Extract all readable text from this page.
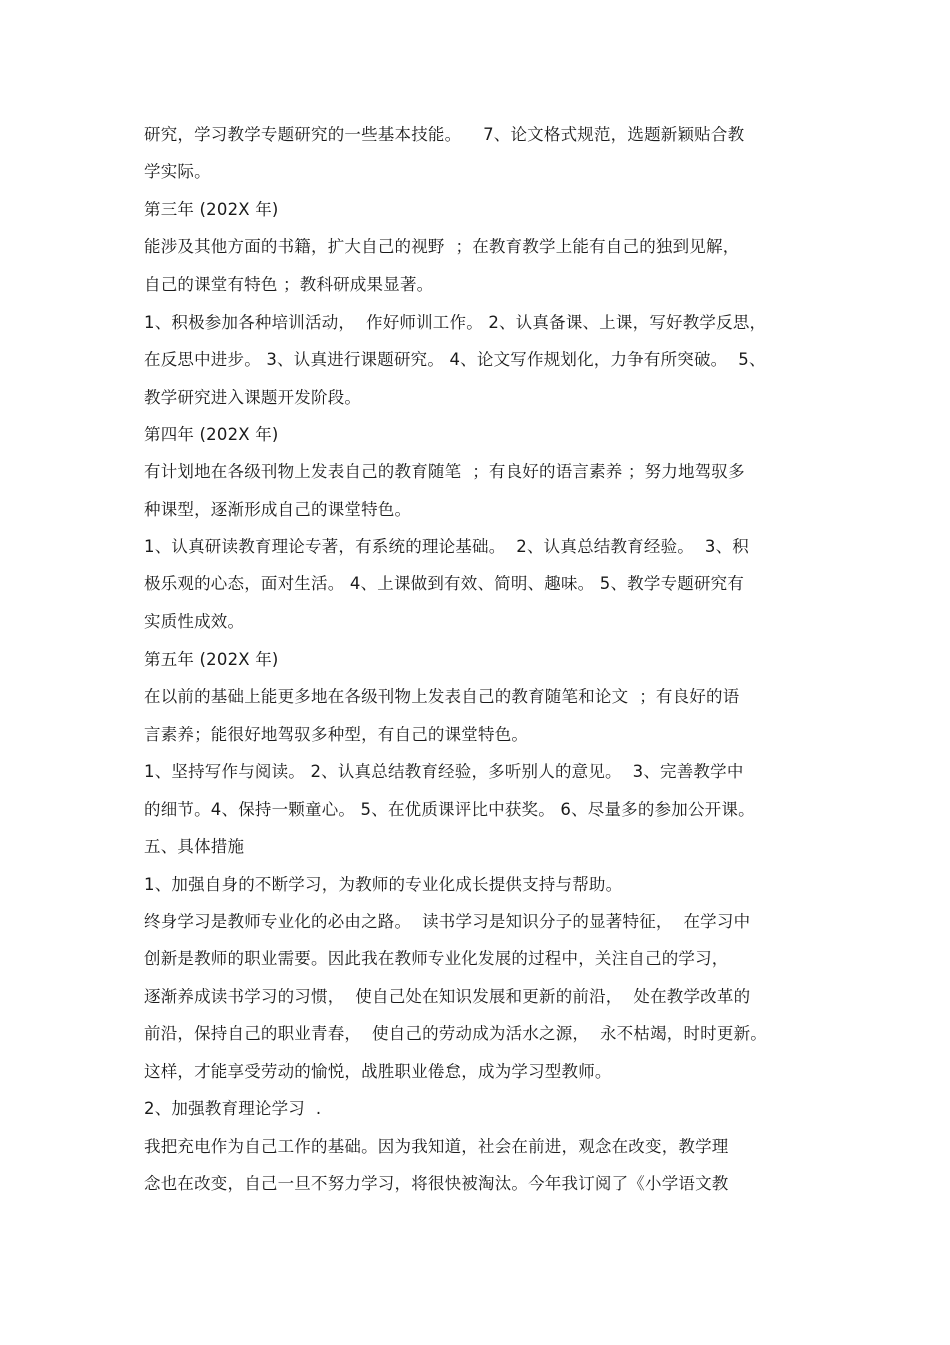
研究，学习教学专题研究的一些基本技能。    7、论文格式规范，选题新颖贴合教
学实际。
第三年 (202X 年)
能涉及其他方面的书籍，扩大自己的视野  ；在教育教学上能有自己的独到见解，
自己的课堂有特色 ；教科研成果显著。
1、积极参加各种培训活动，  作好师训工作。 2、认真备课、上课，写好教学反思，
在反思中进步。 3、认真进行课题研究。 4、论文写作规划化，力争有所突破。  5、
教学研究进入课题开发阶段。
第四年 (202X 年)
有计划地在各级刊物上发表自己的教育随笔  ；有良好的语言素养 ；努力地驾驭多
种课型，逐渐形成自己的课堂特色。
1、认真研读教育理论专著，有系统的理论基础。  2、认真总结教育经验。  3、积
极乐观的心态，面对生活。 4、上课做到有效、简明、趣味。 5、教学专题研究有
实质性成效。
第五年 (202X 年)
在以前的基础上能更多地在各级刊物上发表自己的教育随笔和论文  ；有良好的语
言素养；能很好地驾驭多种型，有自己的课堂特色。
1、坚持写作与阅读。 2、认真总结教育经验，多听别人的意见。  3、完善教学中
的细节。4、保持一颗童心。 5、在优质课评比中获奖。 6、尽量多的参加公开课。
五、具体措施
1、加强自身的不断学习，为教师的专业化成长提供支持与帮助。
终身学习是教师专业化的必由之路。  读书学习是知识分子的显著特征，  在学习中
创新是教师的职业需要。因此我在教师专业化发展的过程中，关注自己的学习，
逐渐养成读书学习的习惯，  使自己处在知识发展和更新的前沿，  处在教学改革的
前沿，保持自己的职业青春，  使自己的劳动成为活水之源，  永不枯竭，时时更新。
这样，才能享受劳动的愉悦，战胜职业倦怠，成为学习型教师。
2、加强教育理论学习  .
我把充电作为自己工作的基础。因为我知道，社会在前进，观念在改变，教学理
念也在改变，自己一旦不努力学习，将很快被淘汰。今年我订阅了《小学语文教
